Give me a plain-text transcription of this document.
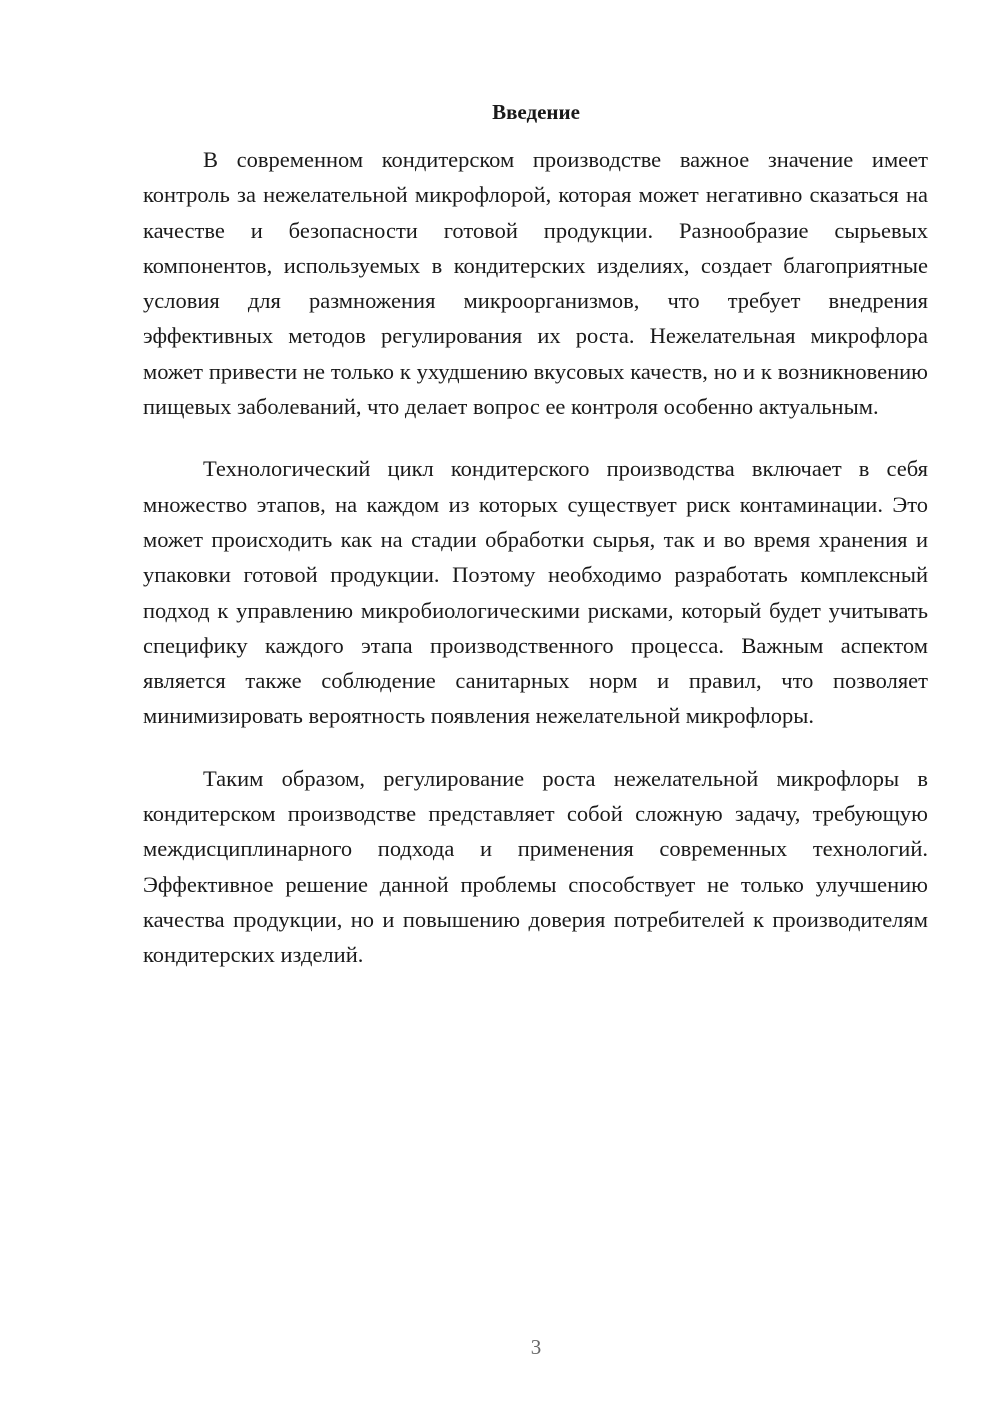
Введение

В современном кондитерском производстве важное значение имеет контроль за нежелательной микрофлорой, которая может негативно сказаться на качестве и безопасности готовой продукции. Разнообразие сырьевых компонентов, используемых в кондитерских изделиях, создает благоприятные условия для размножения микроорганизмов, что требует внедрения эффективных методов регулирования их роста. Нежелательная микрофлора может привести не только к ухудшению вкусовых качеств, но и к возникновению пищевых заболеваний, что делает вопрос ее контроля особенно актуальным.

Технологический цикл кондитерского производства включает в себя множество этапов, на каждом из которых существует риск контаминации. Это может происходить как на стадии обработки сырья, так и во время хранения и упаковки готовой продукции. Поэтому необходимо разработать комплексный подход к управлению микробиологическими рисками, который будет учитывать специфику каждого этапа производственного процесса. Важным аспектом является также соблюдение санитарных норм и правил, что позволяет минимизировать вероятность появления нежелательной микрофлоры.

Таким образом, регулирование роста нежелательной микрофлоры в кондитерском производстве представляет собой сложную задачу, требующую междисциплинарного подхода и применения современных технологий. Эффективное решение данной проблемы способствует не только улучшению качества продукции, но и повышению доверия потребителей к производителям кондитерских изделий.

3
